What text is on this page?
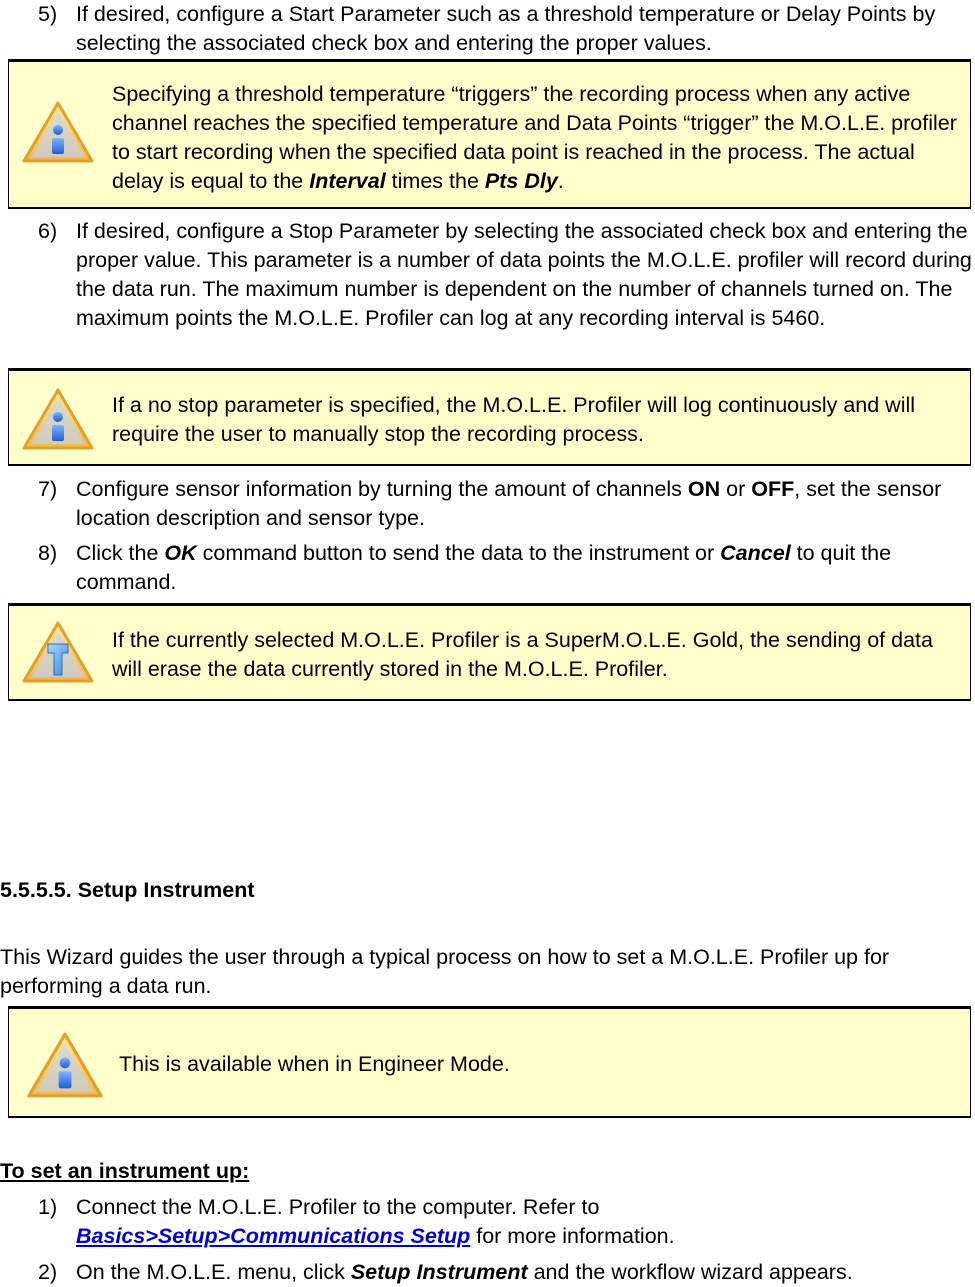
5) If desired, configure a Start Parameter such as a threshold temperature or Delay Points by selecting the associated check box and entering the proper values.
Specifying a threshold temperature “triggers” the recording process when any active channel reaches the specified temperature and Data Points “trigger” the M.O.L.E. profiler to start recording when the specified data point is reached in the process. The actual delay is equal to the Interval times the Pts Dly.
6) If desired, configure a Stop Parameter by selecting the associated check box and entering the proper value. This parameter is a number of data points the M.O.L.E. profiler will record during the data run. The maximum number is dependent on the number of channels turned on. The maximum points the M.O.L.E. Profiler can log at any recording interval is 5460.
If a no stop parameter is specified, the M.O.L.E. Profiler will log continuously and will require the user to manually stop the recording process.
7) Configure sensor information by turning the amount of channels ON or OFF, set the sensor location description and sensor type.
8) Click the OK command button to send the data to the instrument or Cancel to quit the command.
If the currently selected M.O.L.E. Profiler is a SuperM.O.L.E. Gold, the sending of data will erase the data currently stored in the M.O.L.E. Profiler.
5.5.5.5. Setup Instrument
This Wizard guides the user through a typical process on how to set a M.O.L.E. Profiler up for performing a data run.
This is available when in Engineer Mode.
To set an instrument up:
1) Connect the M.O.L.E. Profiler to the computer. Refer to Basics>Setup>Communications Setup for more information.
2) On the M.O.L.E. menu, click Setup Instrument and the workflow wizard appears.
